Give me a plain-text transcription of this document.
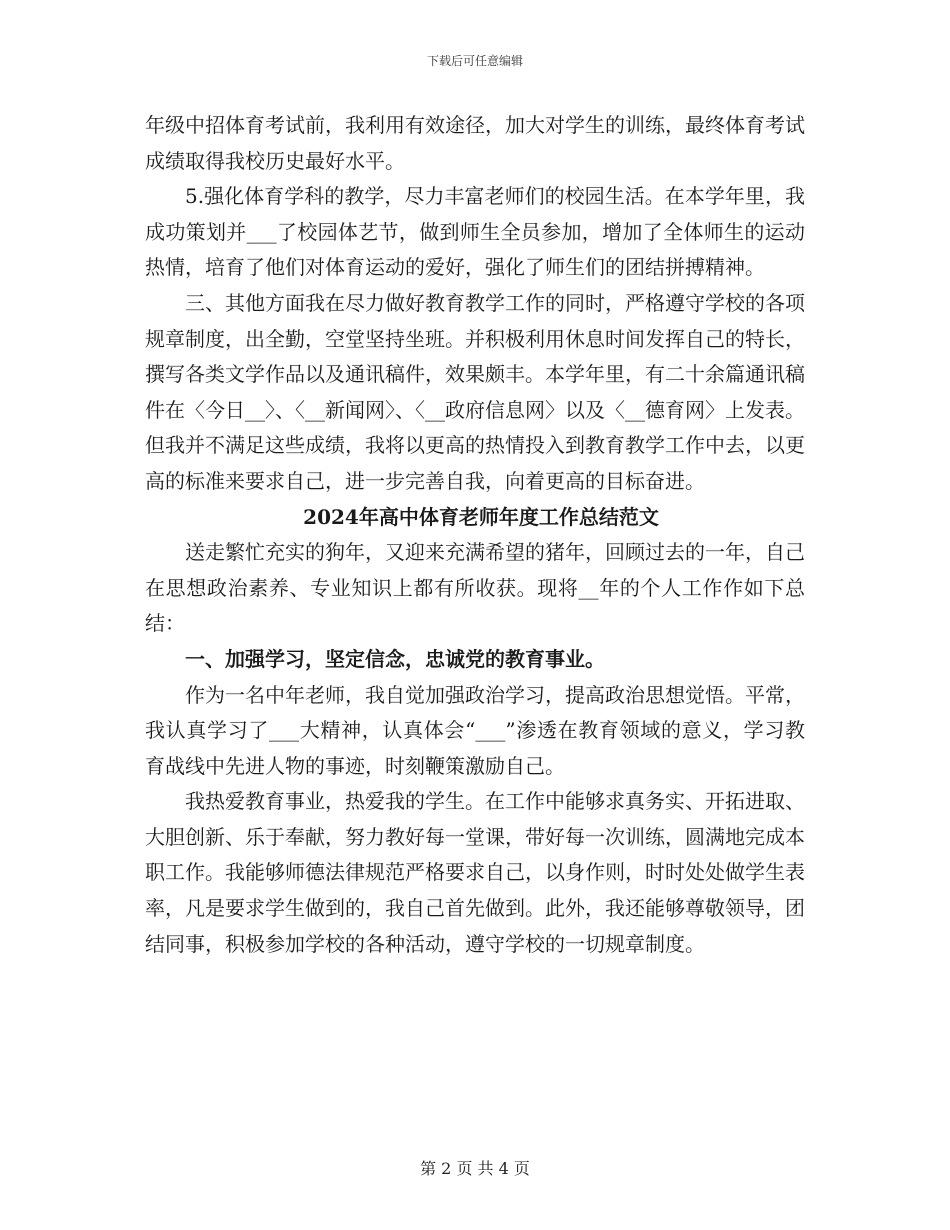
下载后可任意编辑

年级中招体育考试前，我利用有效途径，加大对学生的训练，最终体育考试成绩取得我校历史最好水平。

5.强化体育学科的教学，尽力丰富老师们的校园生活。在本学年里，我成功策划并___了校园体艺节，做到师生全员参加，增加了全体师生的运动热情，培育了他们对体育运动的爱好，强化了师生们的团结拼搏精神。

三、其他方面我在尽力做好教育教学工作的同时，严格遵守学校的各项规章制度，出全勤，空堂坚持坐班。并积极利用休息时间发挥自己的特长，撰写各类文学作品以及通讯稿件，效果颇丰。本学年里，有二十余篇通讯稿件在〈今日__〉、〈__新闻网〉、〈__政府信息网〉以及〈__德育网〉上发表。但我并不满足这些成绩，我将以更高的热情投入到教育教学工作中去，以更高的标准来要求自己，进一步完善自我，向着更高的目标奋进。

2024年高中体育老师年度工作总结范文

送走繁忙充实的狗年，又迎来充满希望的猪年，回顾过去的一年，自己在思想政治素养、专业知识上都有所收获。现将__年的个人工作作如下总结：

一、加强学习，坚定信念，忠诚党的教育事业。

作为一名中年老师，我自觉加强政治学习，提高政治思想觉悟。平常，我认真学习了___大精神，认真体会“___”渗透在教育领域的意义，学习教育战线中先进人物的事迹，时刻鞭策激励自己。

我热爱教育事业，热爱我的学生。在工作中能够求真务实、开拓进取、大胆创新、乐于奉献，努力教好每一堂课，带好每一次训练，圆满地完成本职工作。我能够师德法律规范严格要求自己，以身作则，时时处处做学生表率，凡是要求学生做到的，我自己首先做到。此外，我还能够尊敬领导，团结同事，积极参加学校的各种活动，遵守学校的一切规章制度。

第 2 页 共 4 页
